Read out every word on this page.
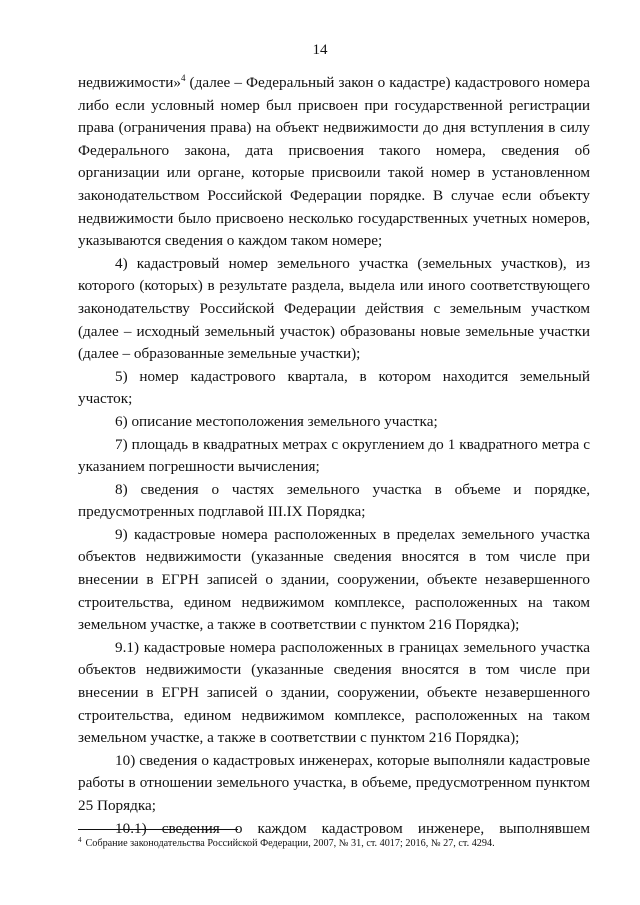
14

недвижимости»$^4$ (далее – Федеральный закон о кадастре) кадастрового номера либо если условный номер был присвоен при государственной регистрации права (ограничения права) на объект недвижимости до дня вступления в силу Федерального закона, дата присвоения такого номера, сведения об организации или органе, которые присвоили такой номер в установленном законодательством Российской Федерации порядке. В случае если объекту недвижимости было присвоено несколько государственных учетных номеров, указываются сведения о каждом таком номере;

4) кадастровый номер земельного участка (земельных участков), из которого (которых) в результате раздела, выдела или иного соответствующего законодательству Российской Федерации действия с земельным участком (далее – исходный земельный участок) образованы новые земельные участки (далее – образованные земельные участки);

5) номер кадастрового квартала, в котором находится земельный участок;

6) описание местоположения земельного участка;

7) площадь в квадратных метрах с округлением до 1 квадратного метра с указанием погрешности вычисления;

8) сведения о частях земельного участка в объеме и порядке, предусмотренных подглавой III.IX Порядка;

9) кадастровые номера расположенных в пределах земельного участка объектов недвижимости (указанные сведения вносятся в том числе при внесении в ЕГРН записей о здании, сооружении, объекте незавершенного строительства, едином недвижимом комплексе, расположенных на таком земельном участке, а также в соответствии с пунктом 216 Порядка);

9.1) кадастровые номера расположенных в границах земельного участка объектов недвижимости (указанные сведения вносятся в том числе при внесении в ЕГРН записей о здании, сооружении, объекте незавершенного строительства, едином недвижимом комплексе, расположенных на таком земельном участке, а также в соответствии с пунктом 216 Порядка);

10) сведения о кадастровых инженерах, которые выполняли кадастровые работы в отношении земельного участка, в объеме, предусмотренном пунктом 25 Порядка;

10.1) сведения о каждом кадастровом инженере, выполнявшем

$^4$ Собрание законодательства Российской Федерации, 2007, № 31, ст. 4017; 2016, № 27, ст. 4294.
